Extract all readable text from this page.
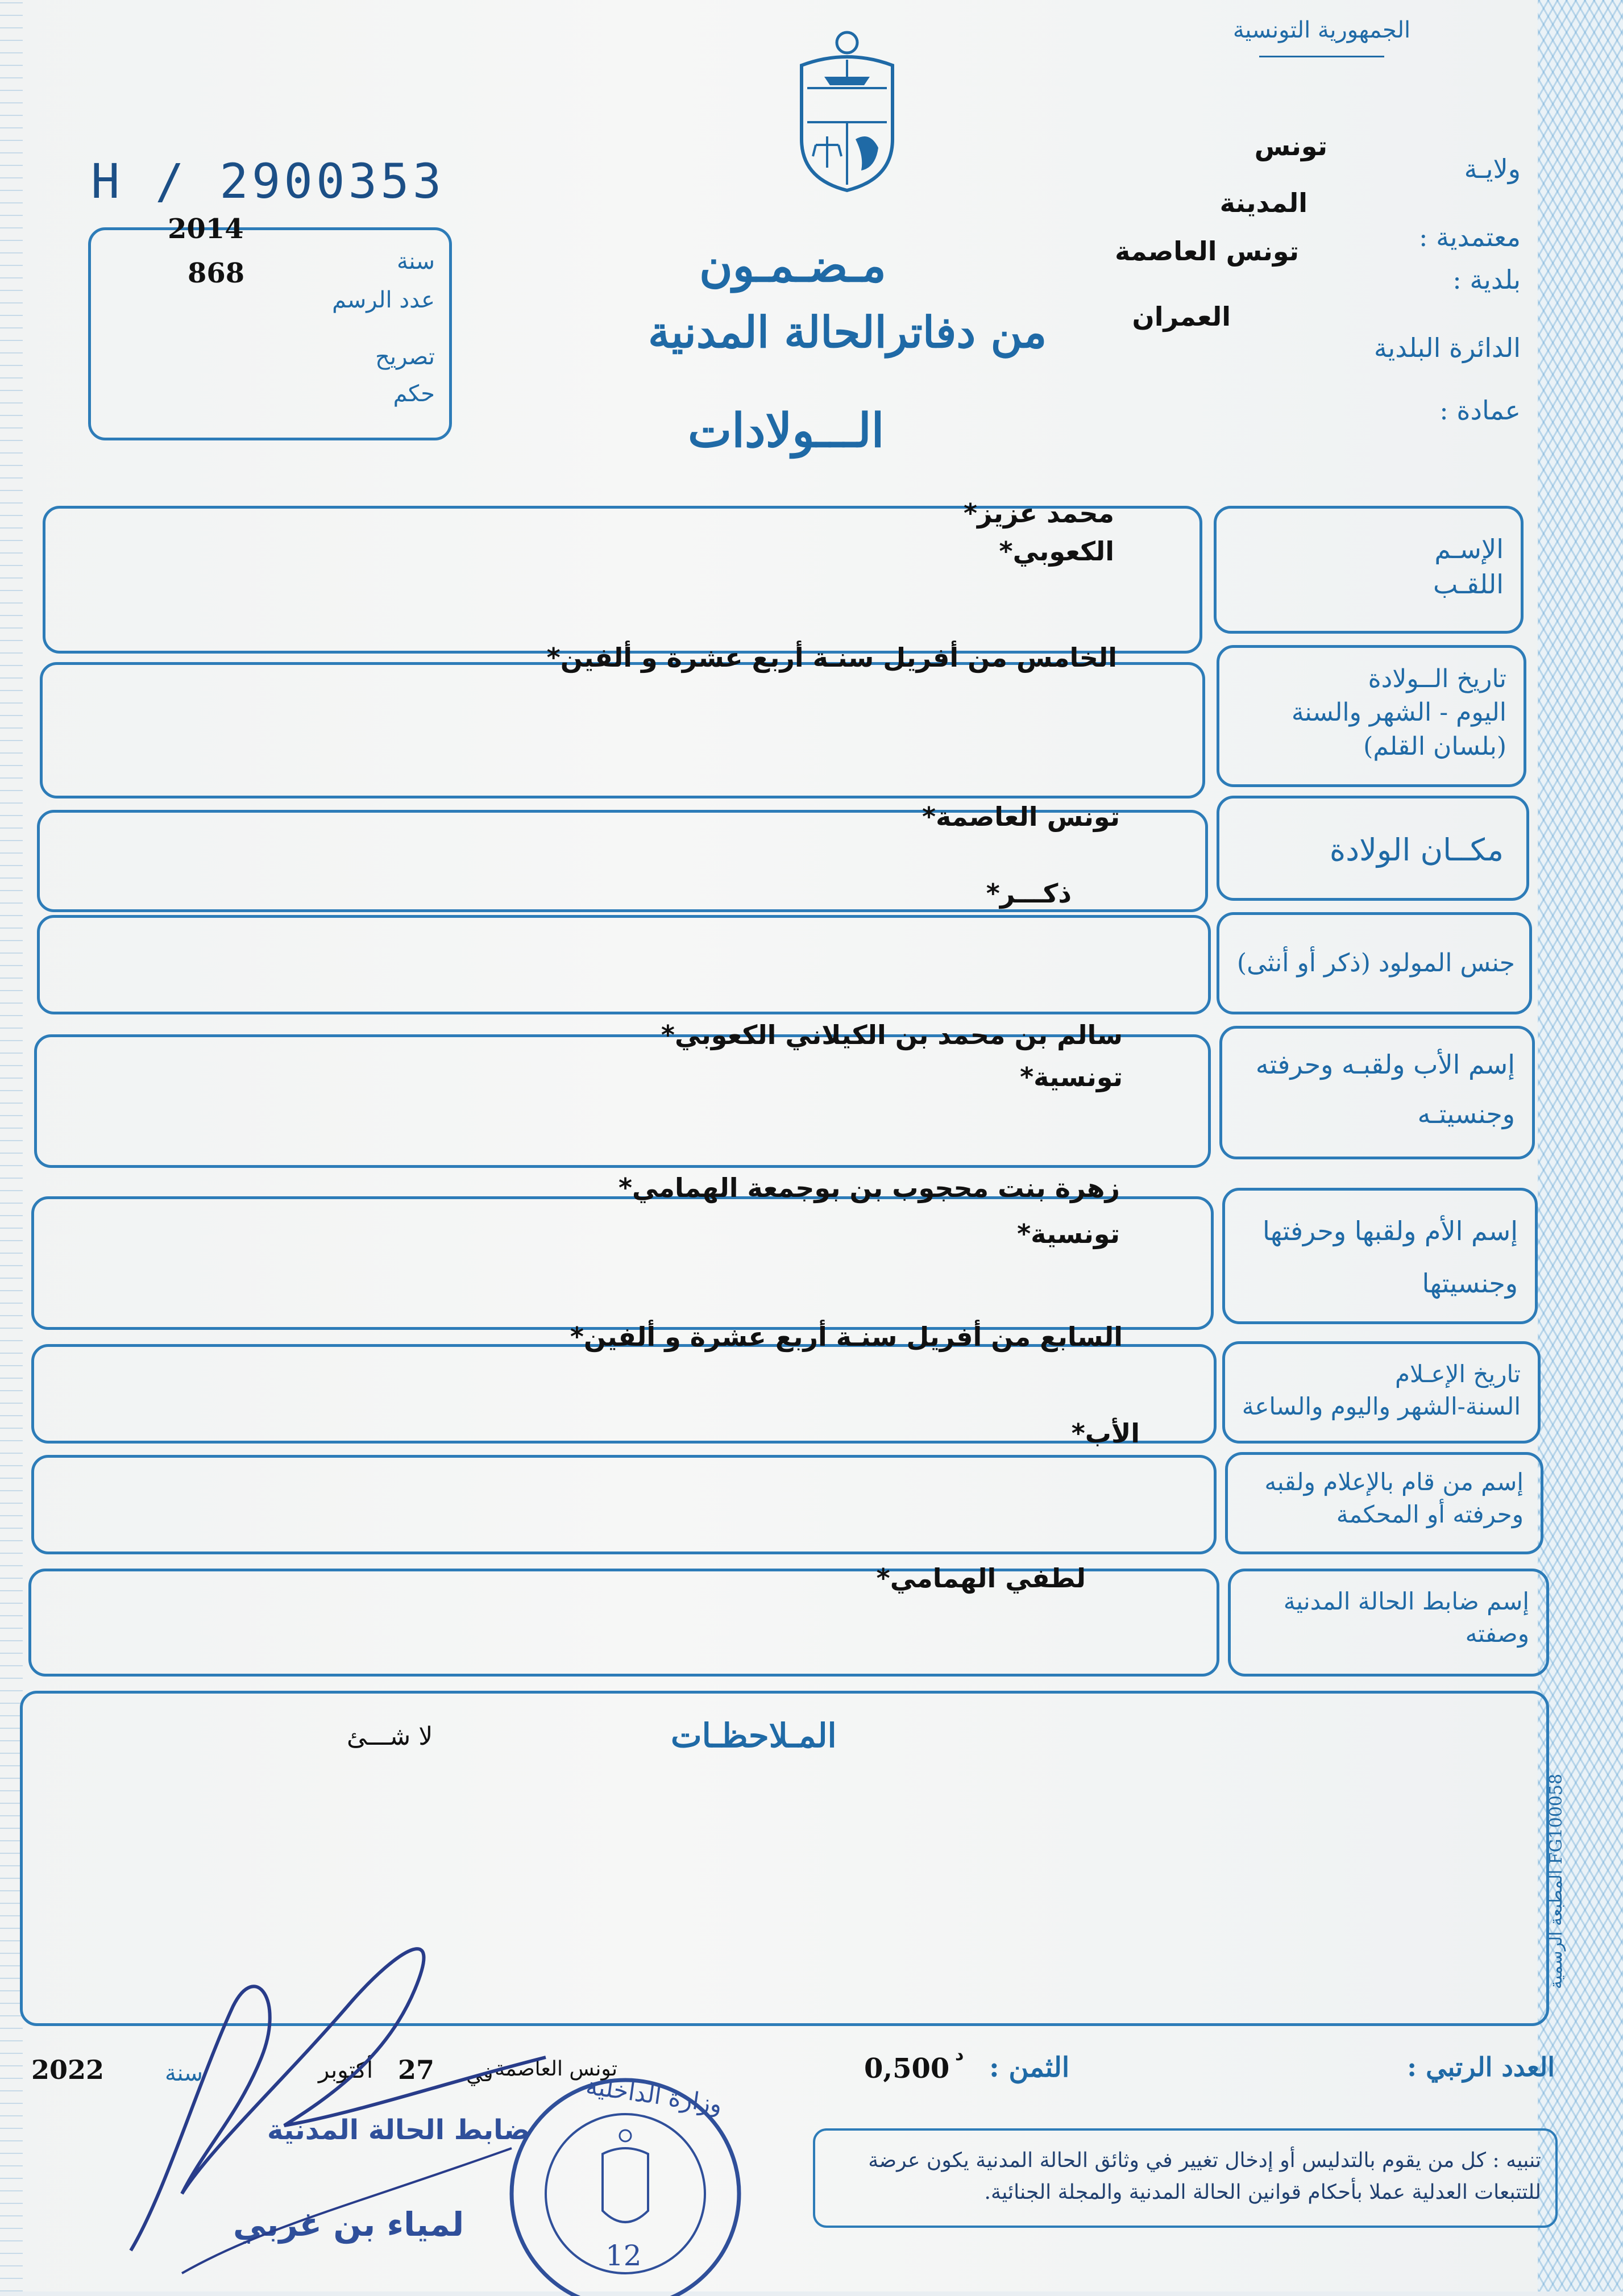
الجمهورية التونسية
H / 2900353
2014
سنة
868
عدد الرسم
تصريح
حكم
مـضـمـون
من دفاترالحالة المدنية
الـــولادات
ولايـة
تونس
معتمدية :
المدينة
بلدية :
تونس العاصمة
الدائرة البلدية
العمران
عمادة :
الإسـم
اللقـب
محمد عزيز*
الكعوبي*
تاريخ الــولادة
اليوم - الشهر والسنة
(بلسان القلم)
الخامس من أفريل سنـة أربع عشرة و ألفين*
مكــان الولادة
تونس العاصمة*
جنس المولود (ذكر أو أنثى)
ذكـــر*
إسم الأب ولقبـه وحرفته
وجنسيتـه
سالم بن محمد بن الكيلاني الكعوبي*
تونسية*
إسم الأم ولقبها وحرفتها
وجنسيتها
زهرة بنت محجوب بن بوجمعة الهمامي*
تونسية*
تاريخ الإعـلام
السنة-الشهر واليوم والساعة
السابع من أفريل سنـة أربع عشرة و ألفين*
إسم من قام بالإعلام ولقبه
وحرفته أو المحكمة
الأب*
إسم ضابط الحالة المدنية
وصفته
لطفي الهمامي*
المـلاحظـات
لا شـــئ
المطبعة الرسمية FG100058
العدد الرتبي :
الثمن :
0,500 د
تونس العاصمة
في
27
أكتوبر
سنة
2022
ضابط الحالة المدنية
لمياء بن غربي
وزارة الداخلية
12
تنبيه : كل من يقوم بالتدليس أو إدخال تغيير في وثائق الحالة المدنية يكون عرضة للتتبعات العدلية عملا بأحكام قوانين الحالة المدنية والمجلة الجنائية.
